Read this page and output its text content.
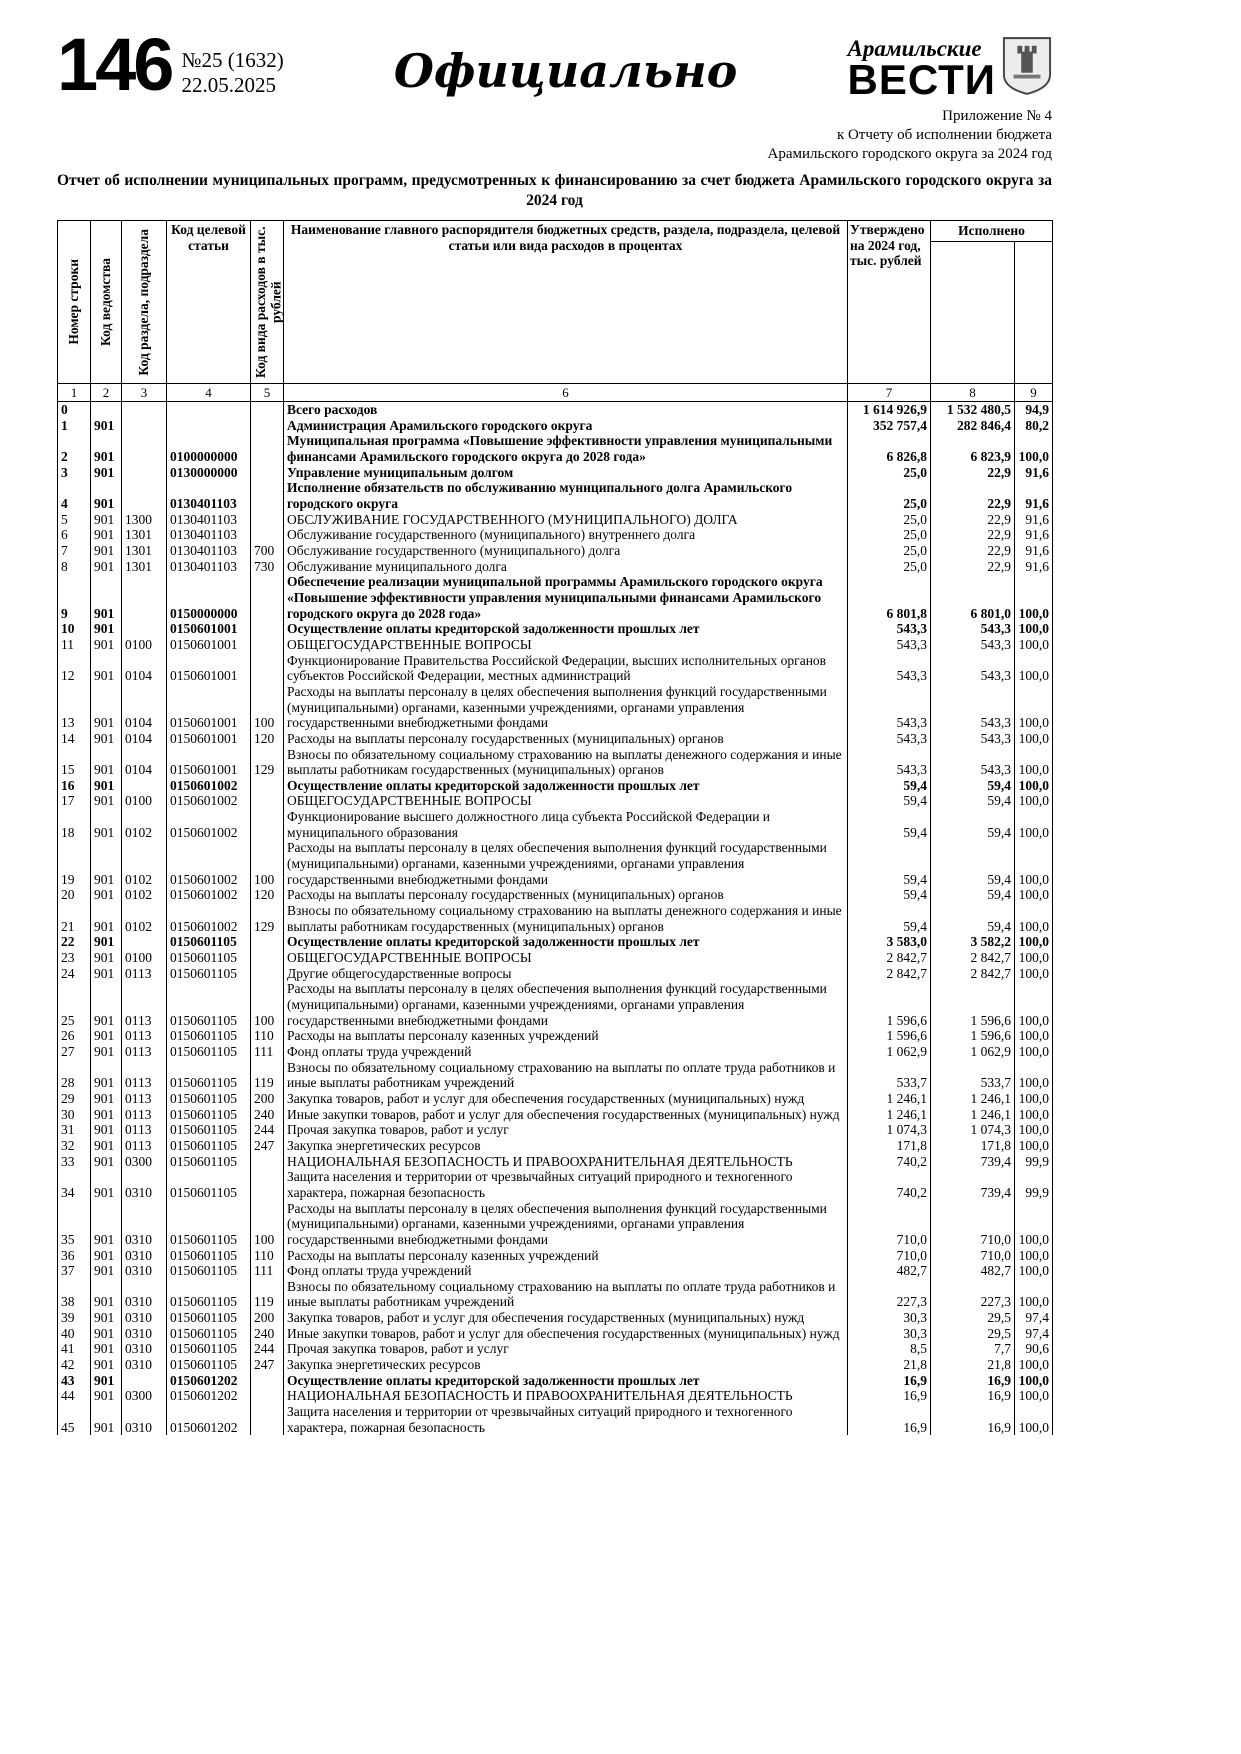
146 №25 (1632)
22.05.2025	Официально	Арамильские
ВЕСТИ
Приложение № 4
к Отчету об исполнении бюджета
Арамильского городского округа за 2024 год
Отчет об исполнении муниципальных программ, предусмотренных к финансированию за счет бюджета Арамильского городского округа за 2024 год
Номер строки	Код ведомства	Код раздела, подраздела	Код целевой статьи	Код вида расходов в тыс. рублей	Наименование главного распорядителя бюджетных средств, раздела, подраздела, целевой статьи или вида расходов в процентах	Утверждено на 2024 год, тыс. рублей	Исполнено	

1	2	3	4	5	6	7	8	9
0					Всего расходов	1 614 926,9	1 532 480,5	94,9
1	901				Администрация Арамильского городского округа	352 757,4	282 846,4	80,2
2	901		0100000000		Муниципальная программа «Повышение эффективности управления муниципальными финансами Арамильского городского округа до 2028 года»	6 826,8	6 823,9	100,0
3	901		0130000000		Управление муниципальным долгом	25,0	22,9	91,6
4	901		0130401103		Исполнение обязательств по обслуживанию муниципального долга Арамильского городского округа	25,0	22,9	91,6
5	901	1300	0130401103		ОБСЛУЖИВАНИЕ ГОСУДАРСТВЕННОГО (МУНИЦИПАЛЬНОГО) ДОЛГА	25,0	22,9	91,6
6	901	1301	0130401103		Обслуживание государственного (муниципального) внутреннего долга	25,0	22,9	91,6
7	901	1301	0130401103	700	Обслуживание государственного (муниципального) долга	25,0	22,9	91,6
8	901	1301	0130401103	730	Обслуживание муниципального долга	25,0	22,9	91,6
9	901		0150000000		Обеспечение реализации муниципальной программы Арамильского городского округа «Повышение эффективности управления муниципальными финансами Арамильского городского округа до 2028 года»	6 801,8	6 801,0	100,0
10	901		0150601001		Осуществление оплаты кредиторской задолженности прошлых лет	543,3	543,3	100,0
11	901	0100	0150601001		ОБЩЕГОСУДАРСТВЕННЫЕ ВОПРОСЫ	543,3	543,3	100,0
12	901	0104	0150601001		Функционирование Правительства Российской Федерации, высших исполнительных органов субъектов Российской Федерации, местных администраций	543,3	543,3	100,0
13	901	0104	0150601001	100	Расходы на выплаты персоналу в целях обеспечения выполнения функций государственными (муниципальными) органами, казенными учреждениями, органами управления государственными внебюджетными фондами	543,3	543,3	100,0
14	901	0104	0150601001	120	Расходы на выплаты персоналу государственных (муниципальных) органов	543,3	543,3	100,0
15	901	0104	0150601001	129	Взносы по обязательному социальному страхованию на выплаты денежного содержания и иные выплаты работникам государственных (муниципальных) органов	543,3	543,3	100,0
16	901		0150601002		Осуществление оплаты кредиторской задолженности прошлых лет	59,4	59,4	100,0
17	901	0100	0150601002		ОБЩЕГОСУДАРСТВЕННЫЕ ВОПРОСЫ	59,4	59,4	100,0
18	901	0102	0150601002		Функционирование высшего должностного лица субъекта Российской Федерации и муниципального образования	59,4	59,4	100,0
19	901	0102	0150601002	100	Расходы на выплаты персоналу в целях обеспечения выполнения функций государственными (муниципальными) органами, казенными учреждениями, органами управления государственными внебюджетными фондами	59,4	59,4	100,0
20	901	0102	0150601002	120	Расходы на выплаты персоналу государственных (муниципальных) органов	59,4	59,4	100,0
21	901	0102	0150601002	129	Взносы по обязательному социальному страхованию на выплаты денежного содержания и иные выплаты работникам государственных (муниципальных) органов	59,4	59,4	100,0
22	901		0150601105		Осуществление оплаты кредиторской задолженности прошлых лет	3 583,0	3 582,2	100,0
23	901	0100	0150601105		ОБЩЕГОСУДАРСТВЕННЫЕ ВОПРОСЫ	2 842,7	2 842,7	100,0
24	901	0113	0150601105		Другие общегосударственные вопросы	2 842,7	2 842,7	100,0
25	901	0113	0150601105	100	Расходы на выплаты персоналу в целях обеспечения выполнения функций государственными (муниципальными) органами, казенными учреждениями, органами управления государственными внебюджетными фондами	1 596,6	1 596,6	100,0
26	901	0113	0150601105	110	Расходы на выплаты персоналу казенных учреждений	1 596,6	1 596,6	100,0
27	901	0113	0150601105	111	Фонд оплаты труда учреждений	1 062,9	1 062,9	100,0
28	901	0113	0150601105	119	Взносы по обязательному социальному страхованию на выплаты по оплате труда работников и иные выплаты работникам учреждений	533,7	533,7	100,0
29	901	0113	0150601105	200	Закупка товаров, работ и услуг для обеспечения государственных (муниципальных) нужд	1 246,1	1 246,1	100,0
30	901	0113	0150601105	240	Иные закупки товаров, работ и услуг для обеспечения государственных (муниципальных) нужд	1 246,1	1 246,1	100,0
31	901	0113	0150601105	244	Прочая закупка товаров, работ и услуг	1 074,3	1 074,3	100,0
32	901	0113	0150601105	247	Закупка энергетических ресурсов	171,8	171,8	100,0
33	901	0300	0150601105		НАЦИОНАЛЬНАЯ БЕЗОПАСНОСТЬ И ПРАВООХРАНИТЕЛЬНАЯ ДЕЯТЕЛЬНОСТЬ	740,2	739,4	99,9
34	901	0310	0150601105		Защита населения и территории от чрезвычайных ситуаций природного и техногенного характера, пожарная безопасность	740,2	739,4	99,9
35	901	0310	0150601105	100	Расходы на выплаты персоналу в целях обеспечения выполнения функций государственными (муниципальными) органами, казенными учреждениями, органами управления государственными внебюджетными фондами	710,0	710,0	100,0
36	901	0310	0150601105	110	Расходы на выплаты персоналу казенных учреждений	710,0	710,0	100,0
37	901	0310	0150601105	111	Фонд оплаты труда учреждений	482,7	482,7	100,0
38	901	0310	0150601105	119	Взносы по обязательному социальному страхованию на выплаты по оплате труда работников и иные выплаты работникам учреждений	227,3	227,3	100,0
39	901	0310	0150601105	200	Закупка товаров, работ и услуг для обеспечения государственных (муниципальных) нужд	30,3	29,5	97,4
40	901	0310	0150601105	240	Иные закупки товаров, работ и услуг для обеспечения государственных (муниципальных) нужд	30,3	29,5	97,4
41	901	0310	0150601105	244	Прочая закупка товаров, работ и услуг	8,5	7,7	90,6
42	901	0310	0150601105	247	Закупка энергетических ресурсов	21,8	21,8	100,0
43	901		0150601202		Осуществление оплаты кредиторской задолженности прошлых лет	16,9	16,9	100,0
44	901	0300	0150601202		НАЦИОНАЛЬНАЯ БЕЗОПАСНОСТЬ И ПРАВООХРАНИТЕЛЬНАЯ ДЕЯТЕЛЬНОСТЬ	16,9	16,9	100,0
45	901	0310	0150601202		Защита населения и территории от чрезвычайных ситуаций природного и техногенного характера, пожарная безопасность	16,9	16,9	100,0
